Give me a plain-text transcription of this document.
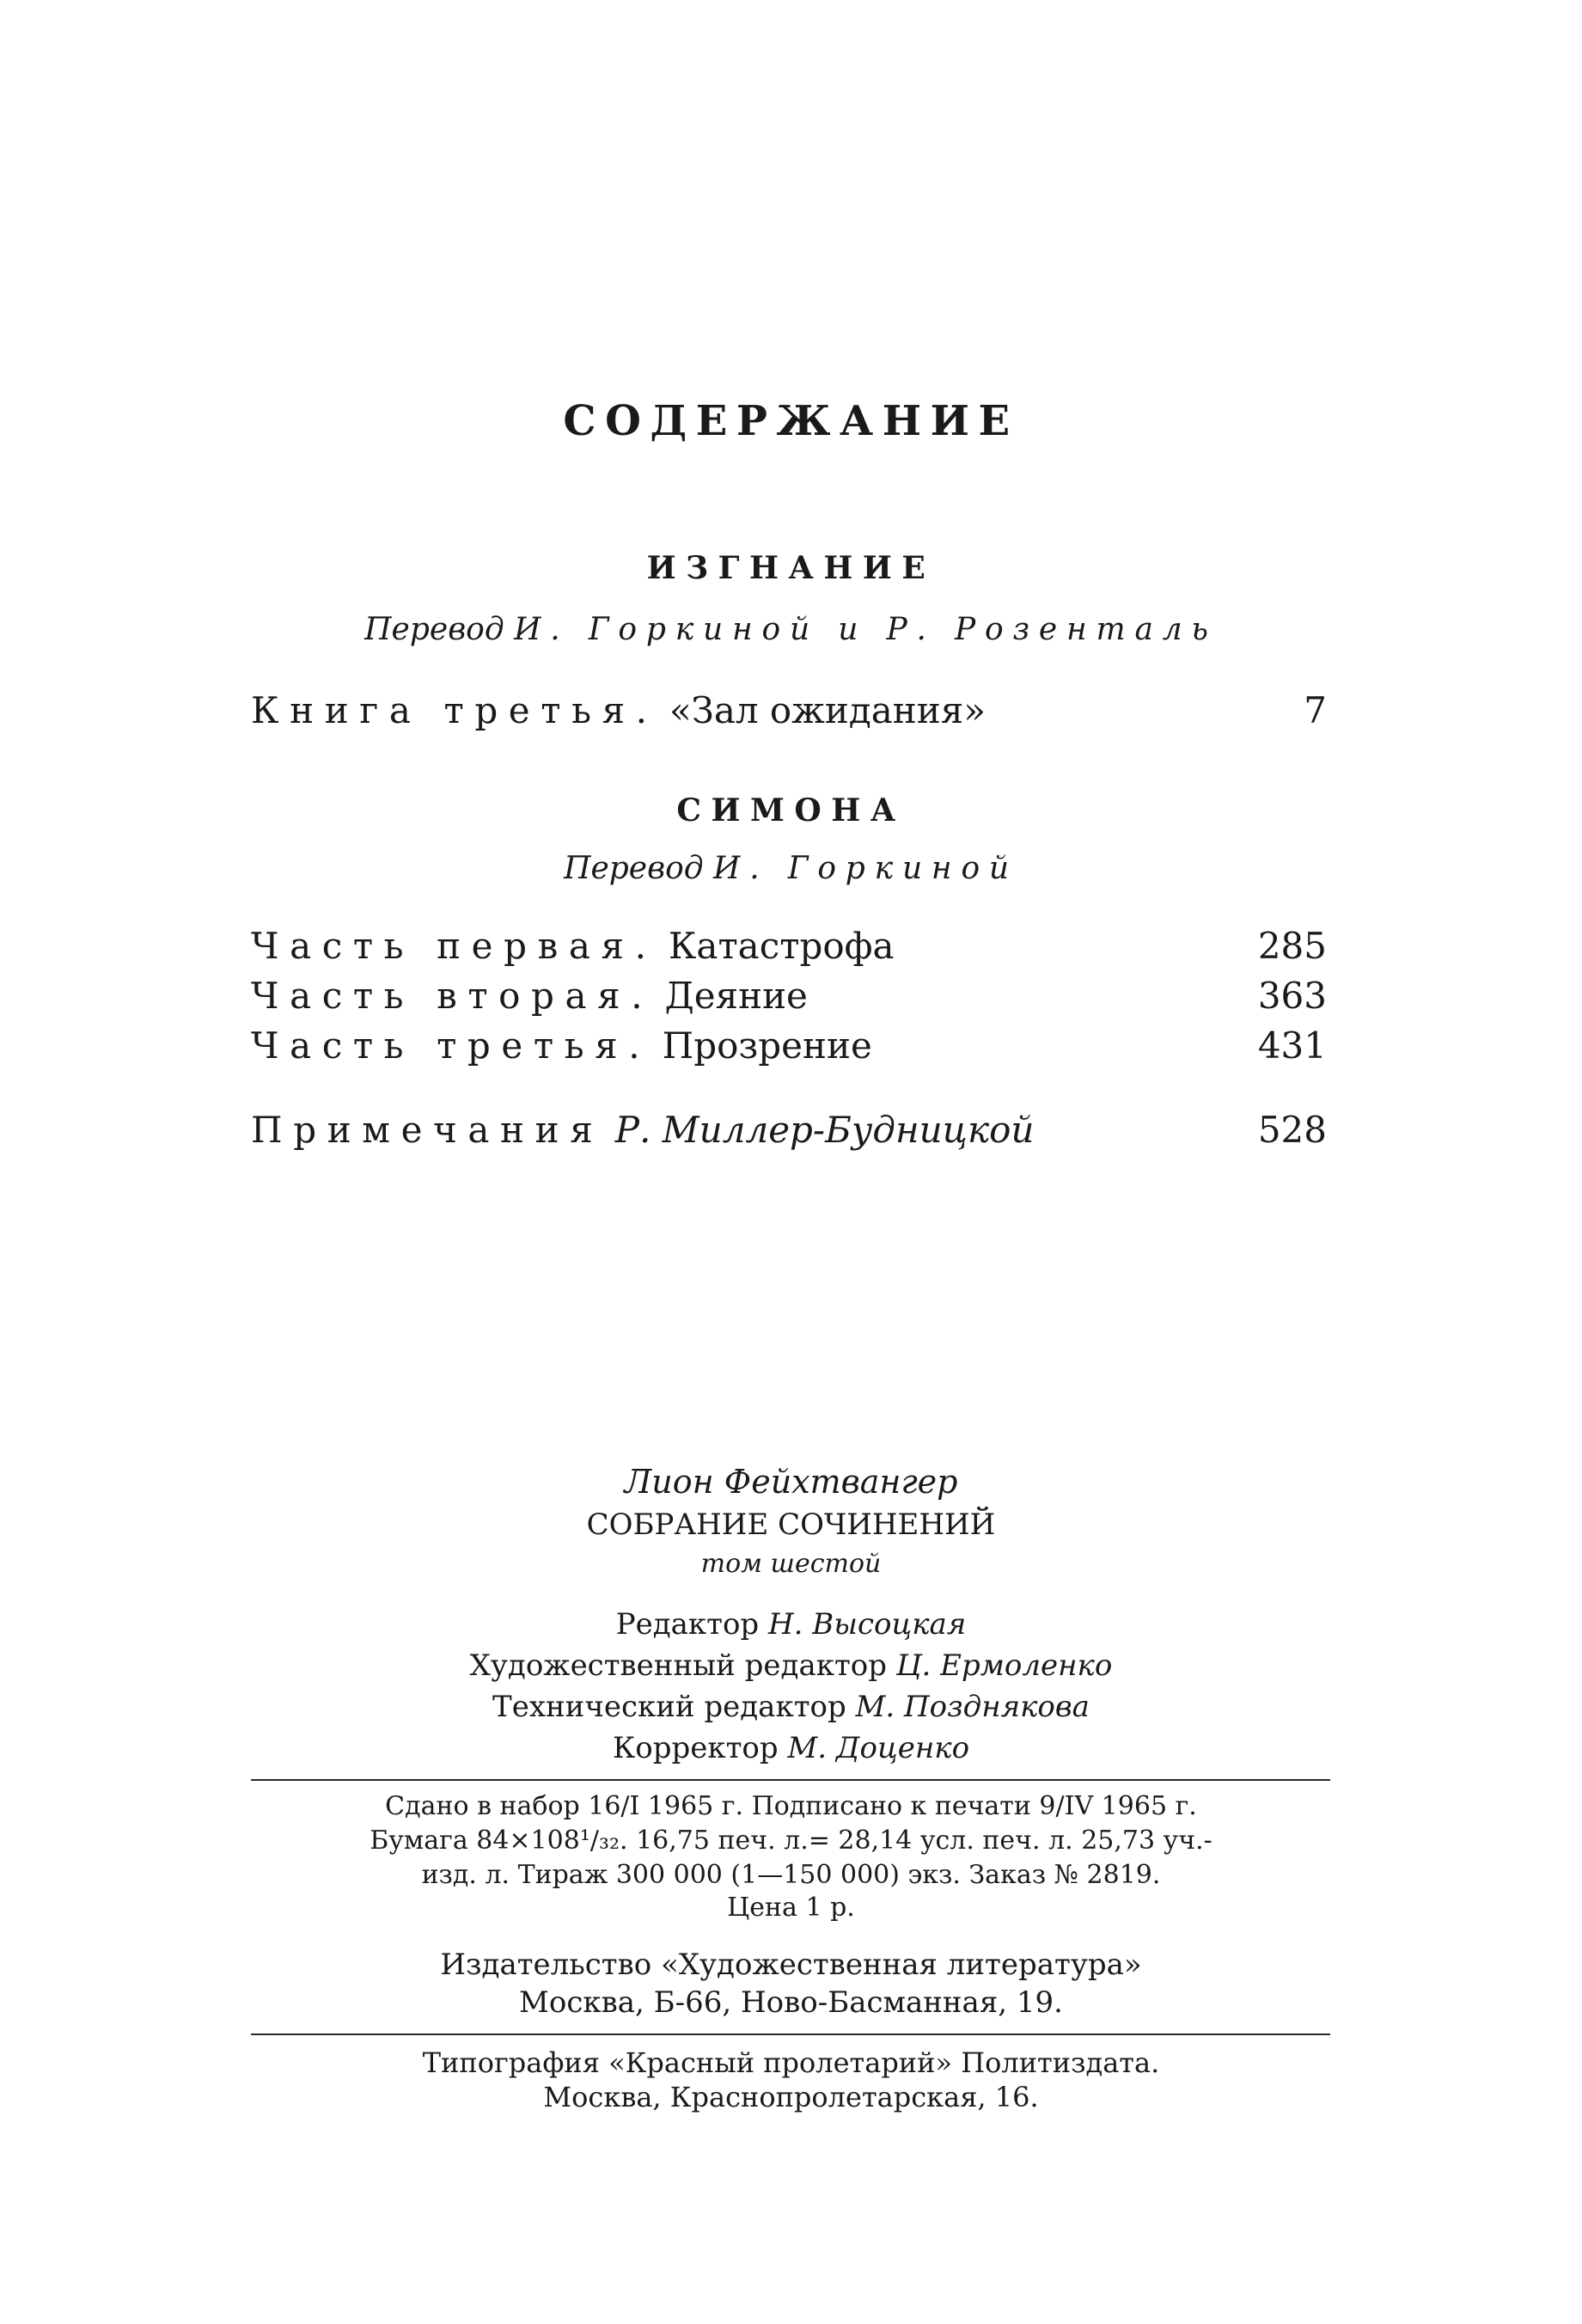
СОДЕРЖАНИЕ
ИЗГНАНИЕ
Перевод И. Горкиной и Р. Розенталь
Книга третья. «Зал ожидания»	7
СИМОНА
Перевод И. Горкиной
Часть первая. Катастрофа	285
Часть вторая. Деяние	363
Часть третья. Прозрение	431
Примечания Р. Миллер-Будницкой	528
Лион Фейхтвангер
СОБРАНИЕ СОЧИНЕНИЙ
том шестой
Редактор Н. Высоцкая
Художественный редактор Ц. Ермоленко
Технический редактор М. Позднякова
Корректор М. Доценко
Сдано в набор 16/I 1965 г. Подписано к печати 9/IV 1965 г.
Бумага 84×108¹/₃₂. 16,75 печ. л.= 28,14 усл. печ. л. 25,73 уч.-
изд. л. Тираж 300 000 (1—150 000) экз. Заказ № 2819.
Цена 1 р.
Издательство «Художественная литература»
Москва, Б-66, Ново-Басманная, 19.
Типография «Красный пролетарий» Политиздата.
Москва, Краснопролетарская, 16.
